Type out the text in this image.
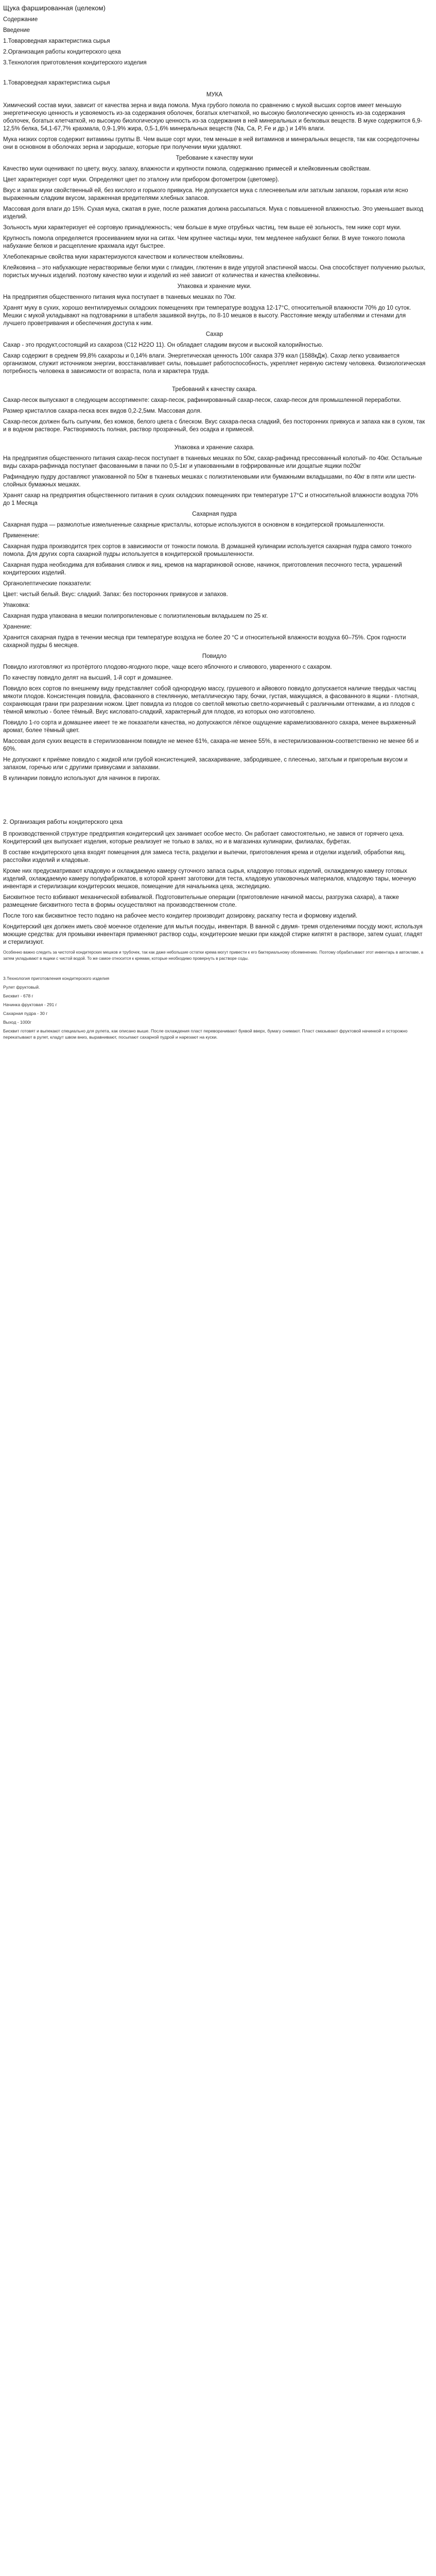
Щука фаршированная (целеком)
Содержание
Введение
1.Товароведная характеристика сырья
2.Организация работы кондитерского цеха
3.Технология приготовления кондитерского изделия
1.Товароведная характеристика сырья
МУКА
Химический состав муки, зависит от качества зерна и вида помола. Мука грубого помола по сравнению с мукой высших сортов имеет меньшую энергетическую ценность и усвояемость из-за содержания оболочек, богатых клетчаткой, но высокую биологическую ценность из-за содержания оболочек, богатых клетчаткой, но высокую биологическую ценность из-за содержания в ней минеральных и белковых веществ. В муке содержится 6,9-12,5% белка, 54,1-67,7% крахмала, 0,9-1,9% жира, 0,5-1,6% минеральных веществ (Na, Ca, P, Fe и др.) и 14% влаги.
Мука низких сортов содержит витамины группы В. Чем выше сорт муки, тем меньше в ней витаминов и минеральных веществ, так как сосредоточены они в основном в оболочках зерна и зародыше, которые при получении муки удаляют.
Требование к качеству муки
Качество муки оценивают по цвету, вкусу, запаху, влажности и крупности помола, содержанию примесей и клейковинным свойствам.
Цвет характеризует сорт муки. Определяют цвет по эталону или прибором фотометром (цветомер).
Вкус и запах муки свойственный ей, без кислого и горького привкуса. Не допускается мука с плесневелым или затхлым запахом, горькая или ясно выраженным сладким вкусом, зараженная вредителями хлебных запасов.
Массовая доля влаги до 15%. Сухая мука, сжатая в руке, после разжатия должна рассыпаться. Мука с повышенной влажностью. Это уменьшает выход изделий.
Зольность муки характеризует её сортовую принадлежность; чем больше в муке отрубных частиц, тем выше её зольность, тем ниже сорт муки.
Крупность помола определяется просеиванием муки на ситах. Чем крупнее частицы муки, тем медленее набухают белки. В муке тонкого помола набухание белков и расщепление крахмала идут быстрее.
Хлебопекарные свойства муки характеризуются качеством и количеством клейковины.
Клейковина – это набухающие нерастворимые белки муки с глиадин, глютенин в виде упругой эластичной массы. Она способствует получению рыхлых, пористых мучных изделий. поэтому качество муки и изделий из неё зависит от количества и качества клейковины.
Упаковка и хранение муки.
На предприятия общественного питания мука поступает в тканевых мешках по 70кг.
Хранят муку в сухих, хорошо вентилируемых складских помещениях при температуре воздуха 12-17°С, относительной влажности 70% до 10 суток. Мешки с мукой укладывают на подтоварники в штабеля зашивкой внутрь, по 8-10 мешков в высоту. Расстояние между штабелями и стенами для лучшего проветривания и обеспечения доступа к ним.
Сахар
Сахар - это продукт,состоящий из сахароза (С12 Н22О 11). Он обладает сладким вкусом и высокой калорийностью.
Сахар содержит в среднем 99,8% сахарозы и 0,14% влаги. Энергетическая ценность 100г сахара 379 ккал (1588кДж). Сахар легко усваивается организмом, служит источником энергии, восстанавливает силы, повышает работоспособность, укрепляет нервную систему человека. Физиологическая потребность человека в зависимости от возраста, пола и характера труда.
Требований к качеству сахара.
Сахар-песок выпускают в следующем ассортименте: сахар-песок, рафинированный сахар-песок, сахар-песок для промышленной переработки.
Размер кристаллов сахара-песка всех видов 0,2-2,5мм. Массовая доля.
Сахар-песок должен быть сыпучим, без комков, белого цвета с блеском. Вкус сахара-песка сладкий, без посторонних привкуса и запаха как в сухом, так и в водном растворе. Растворимость полная, раствор прозрачный, без осадка и примесей.
Упаковка и хранение сахара.
На предприятия общественного питания сахар-песок поступает в тканевых мешках по 50кг, сахар-рафинад прессованный колотый- по 40кг. Остальные виды сахара-рафинада поступает фасованными в пачки по 0,5-1кг и упакованными в гофрированные или дощатые ящики по20кг
Рафинадную пудру доставляют упакованной по 50кг в тканевых мешках с полиэтиленовыми или бумажными вкладышами, по 40кг в пяти или шести-слойных бумажных мешках.
Хранят сахар на предприятия общественного питания в сухих складских помещениях при температуре 17°С и относительной влажности воздуха 70% до 1 Месяца
Сахарная пудра
Сахарная пудра — размолотые измельченные сахарные кристаллы, которые используются в основном в кондитерской промышленности.
Применение:
Сахарная пудра производится трех сортов в зависимости от тонкости помола. В домашней кулинарии используется сахарная пудра самого тонкого помола. Для других сорта сахарной пудры используется в кондитерской промышленности.
Сахарная пудра необходима для взбивания сливок и яиц, кремов на маргариновой основе, начинок, приготовления песочного теста, украшений кондитерских изделий.
Органолептические показатели:
Цвет: чистый белый. Вкус: сладкий. Запах: без посторонних привкусов и запахов.
Упаковка:
Сахарная пудра упакована в мешки полипропиленовые с полиэтиленовым вкладышем по 25 кг.
Хранение:
Хранится сахарная пудра в течении месяца при температуре воздуха не более 20 °C и относительной влажности воздуха 60–75%. Срок годности сахарной пудры 6 месяцев.
Повидло
Повидло изготовляют из протёртого плодово-ягодного пюре, чаще всего яблочного и сливового, уваренного с сахаром.
По качеству повидло делят на высший, 1-й сорт и домашнее.
Повидло всех сортов по внешнему виду представляет собой однородную массу, грушевого и айвового повидло допускается наличие твердых частиц мякоти плодов. Консистенция повидла, фасованного в стеклянную, металлическую тару, бочки, густая, мажущаяся, а фасованного в ящики - плотная, сохраняющая грани при разрезании ножом. Цвет повидла из плодов со светлой мякотью светло-коричневый с различными оттенками, а из плодов с тёмной мякотью - более тёмный. Вкус кисловато-сладкий, характерный для плодов, из которых оно изготовлено.
Повидло 1-го сорта и домашнее имеет те же показатели качества, но допускаются лёгкое ощущение карамелизованного сахара, менее выраженный аромат, более тёмный цвет.
Массовая доля сухих веществ в стерилизованном повидле не менее 61%, сахара-не менее 55%, в нестерилизованном-соответственно не менее 66 и 60%.
Не допускают к приёмке повидло с жидкой или грубой консистенцией, засахаривание, забродившее, с плесенью, затхлым и пригорелым вкусом и запахом, горечью или с другими привкусами и запахами.
В кулинарии повидло используют для начинок в пирогах.
2. Организация работы кондитерского цеха
В производственной структуре предприятия кондитерский цех занимает особое место. Он работает самостоятельно, не завися от горячего цеха. Кондитерский цех выпускает изделия, которые реализует не только в залах, но и в магазинах кулинарии, филиалах, буфетах.
В составе кондитерского цеха входят помещения для замеса теста, разделки и выпечки, приготовления крема и отделки изделий, обработки яиц, расстойки изделий и кладовые.
Кроме них предусматривают кладовую и охлаждаемую камеру суточного запаса сырья, кладовую готовых изделий, охлаждаемую камеру готовых изделий, охлаждаемую камеру полуфабрикатов, в которой хранят заготовки для теста, кладовую упаковочных материалов, кладовую тары, моечную инвентаря и стерилизации кондитерских мешков, помещение для начальника цеха, экспедицию.
Бисквитное тесто взбивают механической взбивалкой. Подготовительные операции (приготовление начиной массы, разгрузка сахара), а также размещение бисквитного теста в формы осуществляют на производственном столе.
После того как бисквитное тесто подано на рабочее место кондитер производит дозировку, раскатку теста и формовку изделий.
Кондитерский цех должен иметь своё моечное отделение для мытья посуды, инвентаря. В ванной с двумя- тремя отделениями посуду моют, используя моющие средства: для промывки инвентаря применяют раствор соды, кондитерские мешки при каждой стирке кипятят в растворе, затем сушат, гладят и стерилизуют.
Особенно важно следить за чистотой кондитерских мешков и трубочек, так как даже небольшие остатки крема могут привести к его бактериальному обсеменению. Поэтому обрабатывают этот инвентарь в автоклаве, а затем укладывают в ящики с чистой водой. То же самое относится к кремам, которые необходимо провернуть в растворе соды.
3.Технология приготовления кондитерского изделия
Рулет фруктовый.
Бисквит - 678 г
Начинка фруктовая - 291 г
Сахарная пудра - 30 г
Выход - 1000г
Бисквит готовят и выпекают специально для рулета, как описано выше. После охлаждения пласт переворачивают буквой вверх, бумагу снимают. Пласт смазывают фруктовой начинкой и осторожно перекатывают в рулет, кладут швом вниз, выравнивают, посыпают сахарной пудрой и нарезают на куски.
